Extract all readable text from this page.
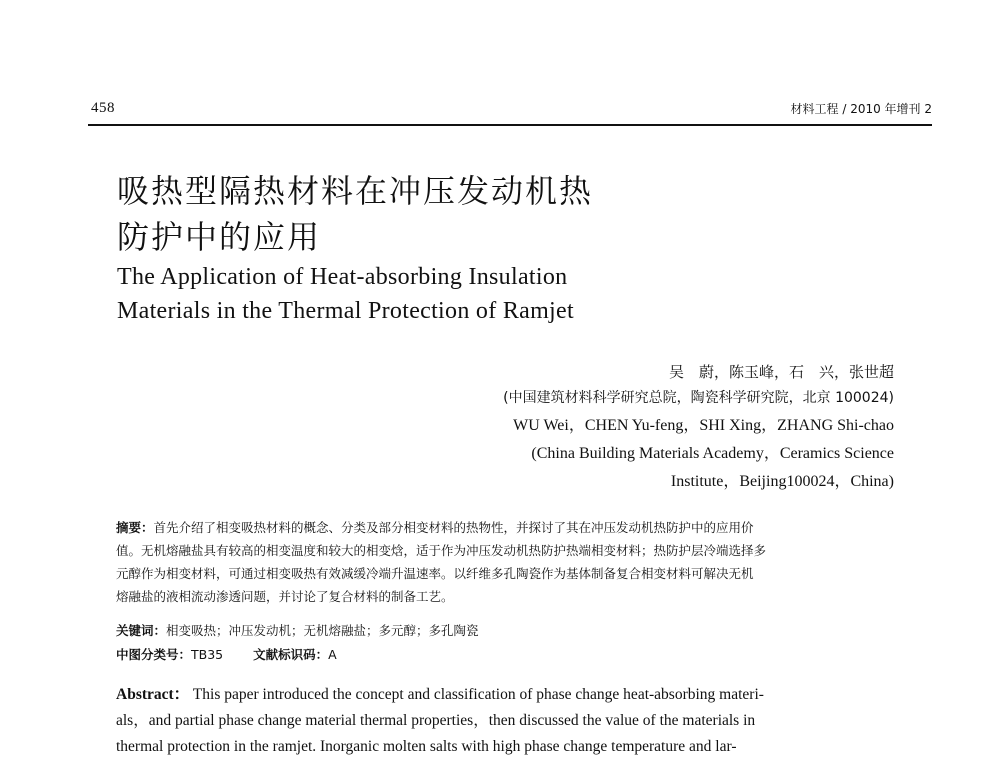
458	材料工程 / 2010 年增刊 2
吸热型隔热材料在冲压发动机热
防护中的应用
The Application of Heat-absorbing Insulation
Materials in the Thermal Protection of Ramjet
吴　蔚，陈玉峰，石　兴，张世超
(中国建筑材料科学研究总院，陶瓷科学研究院，北京 100024)
WU Wei，CHEN Yu-feng，SHI Xing，ZHANG Shi-chao
(China Building Materials Academy，Ceramics Science
Institute，Beijing100024，China)
摘要：首先介绍了相变吸热材料的概念、分类及部分相变材料的热物性，并探讨了其在冲压发动机热防护中的应用价
值。无机熔融盐具有较高的相变温度和较大的相变焓，适于作为冲压发动机热防护热端相变材料；热防护层冷端选择多
元醇作为相变材料，可通过相变吸热有效减缓冷端升温速率。以纤维多孔陶瓷作为基体制备复合相变材料可解决无机
熔融盐的液相流动渗透问题，并讨论了复合材料的制备工艺。
关键词：相变吸热；冲压发动机；无机熔融盐；多元醇；多孔陶瓷
中图分类号：TB35 文献标识码：A
Abstract： This paper introduced the concept and classification of phase change heat-absorbing materi-
als，and partial phase change material thermal properties，then discussed the value of the materials in
thermal protection in the ramjet. Inorganic molten salts with high phase change temperature and lar-
